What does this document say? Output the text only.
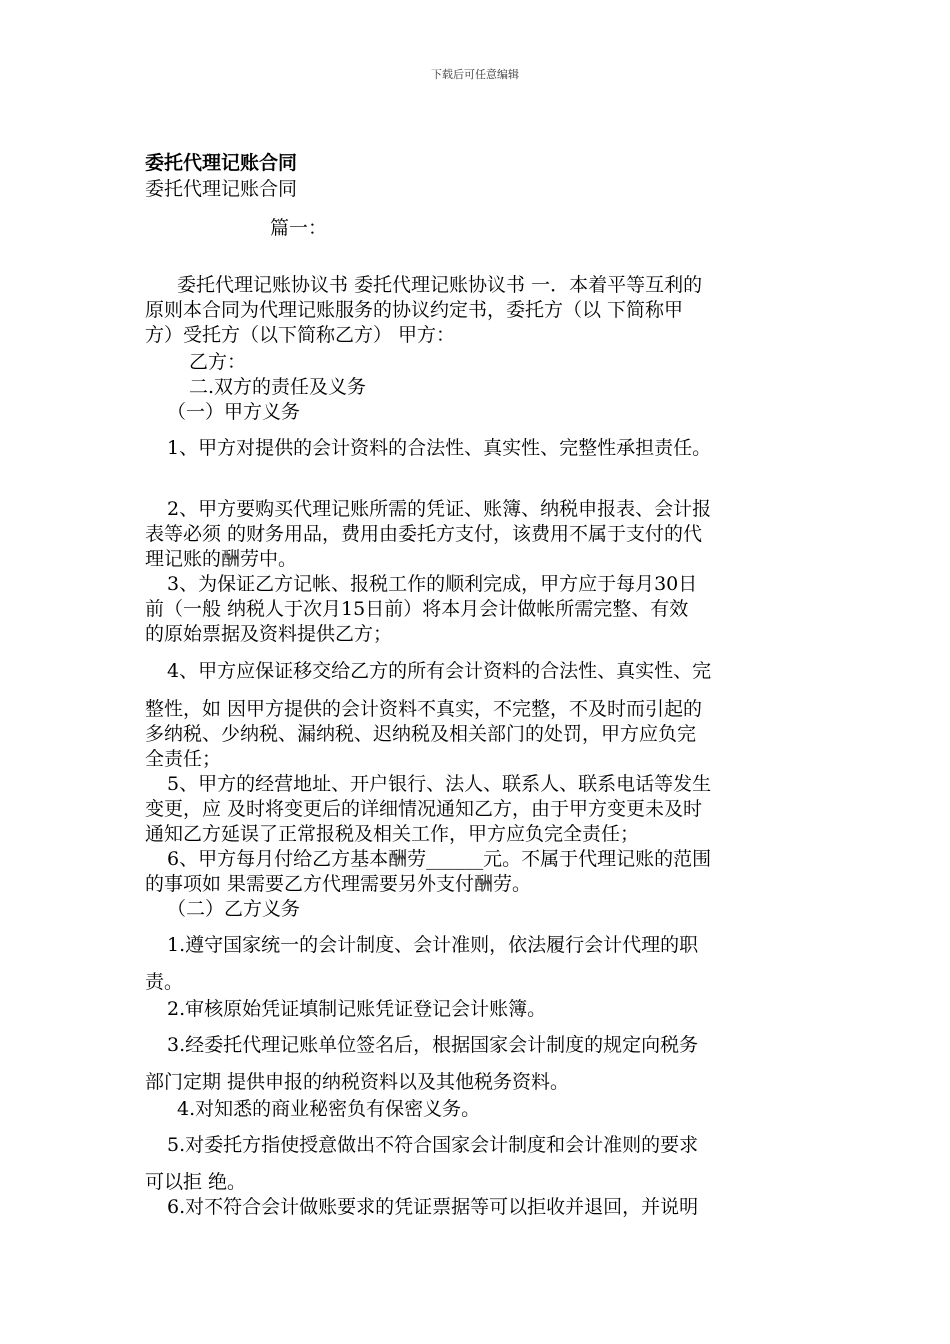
下载后可任意编辑
委托代理记账合同
委托代理记账合同
篇一：
委托代理记账协议书 委托代理记账协议书 一．本着平等互利的
原则本合同为代理记账服务的协议约定书，委托方（以 下简称甲
方）受托方（以下简称乙方） 甲方：
乙方：
二.双方的责任及义务
（一）甲方义务
1、甲方对提供的会计资料的合法性、真实性、完整性承担责任。
2、甲方要购买代理记账所需的凭证、账簿、纳税申报表、会计报
表等必须 的财务用品，费用由委托方支付，该费用不属于支付的代
理记账的酬劳中。
3、为保证乙方记帐、报税工作的顺利完成，甲方应于每月30日
前（一般 纳税人于次月15日前）将本月会计做帐所需完整、有效
的原始票据及资料提供乙方；
4、甲方应保证移交给乙方的所有会计资料的合法性、真实性、完
整性，如 因甲方提供的会计资料不真实，不完整，不及时而引起的
多纳税、少纳税、漏纳税、迟纳税及相关部门的处罚，甲方应负完
全责任；
5、甲方的经营地址、开户银行、法人、联系人、联系电话等发生
变更，应 及时将变更后的详细情况通知乙方，由于甲方变更未及时
通知乙方延误了正常报税及相关工作，甲方应负完全责任；
6、甲方每月付给乙方基本酬劳______元。不属于代理记账的范围
的事项如 果需要乙方代理需要另外支付酬劳。
（二）乙方义务
1.遵守国家统一的会计制度、会计准则，依法履行会计代理的职
责。
2.审核原始凭证填制记账凭证登记会计账簿。
3.经委托代理记账单位签名后，根据国家会计制度的规定向税务
部门定期 提供申报的纳税资料以及其他税务资料。
4.对知悉的商业秘密负有保密义务。
5.对委托方指使授意做出不符合国家会计制度和会计准则的要求
可以拒 绝。
6.对不符合会计做账要求的凭证票据等可以拒收并退回，并说明
